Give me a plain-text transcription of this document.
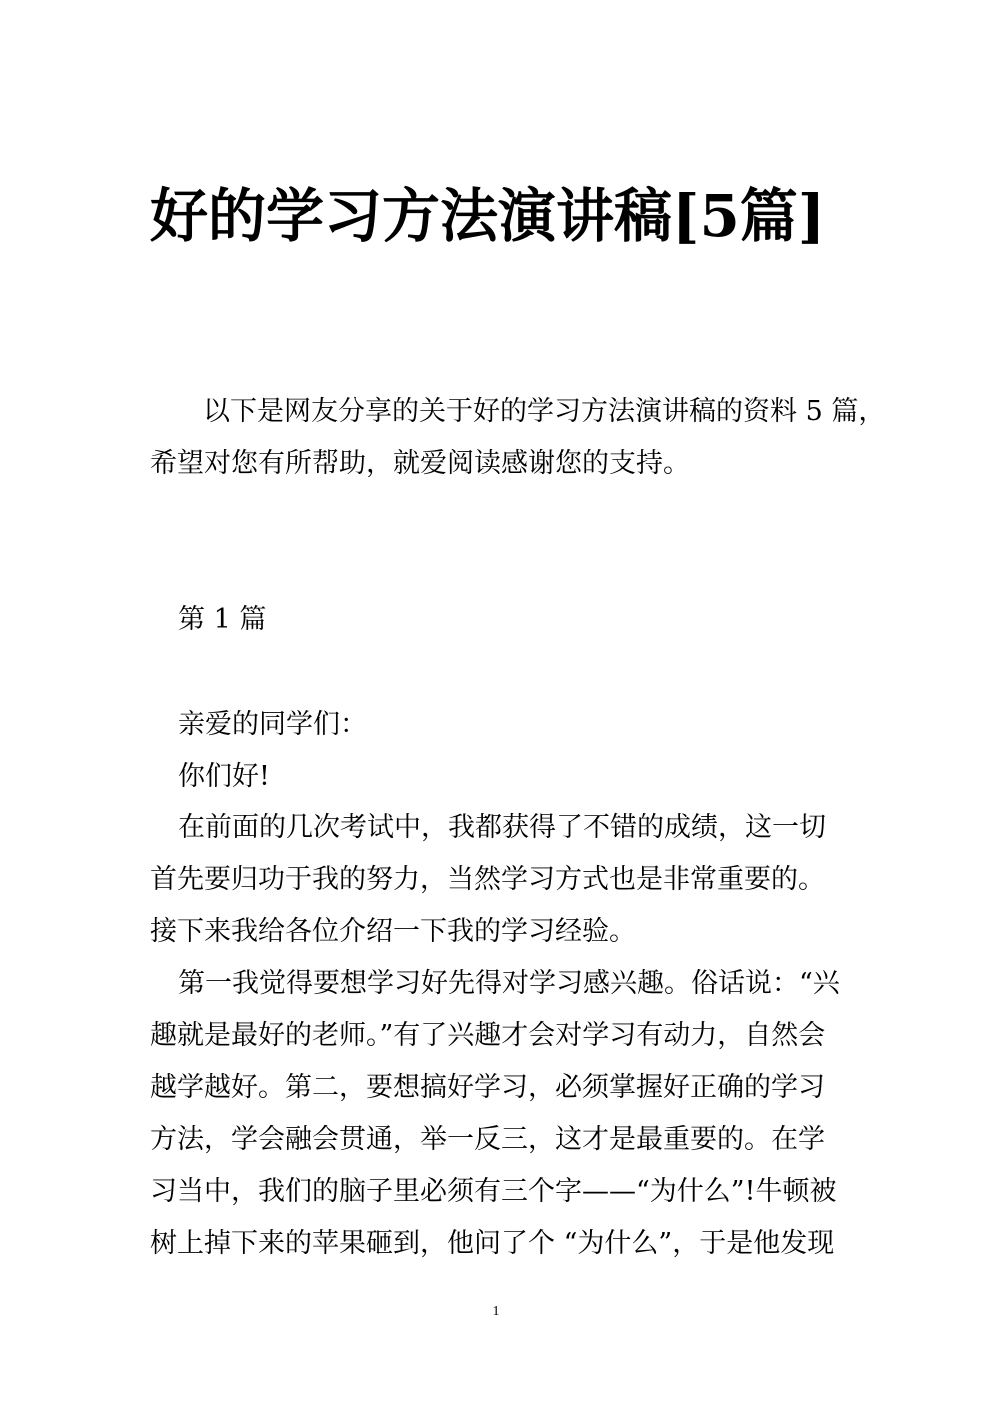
好的学习方法演讲稿[5篇]

以下是网友分享的关于好的学习方法演讲稿的资料 5 篇，

希望对您有所帮助，就爱阅读感谢您的支持。

第 1 篇

亲爱的同学们：

你们好!

在前面的几次考试中，我都获得了不错的成绩，这一切

首先要归功于我的努力，当然学习方式也是非常重要的。

接下来我给各位介绍一下我的学习经验。

第一我觉得要想学习好先得对学习感兴趣。俗话说：“兴

趣就是最好的老师。”有了兴趣才会对学习有动力，自然会

越学越好。第二，要想搞好学习，必须掌握好正确的学习

方法，学会融会贯通，举一反三，这才是最重要的。在学

习当中，我们的脑子里必须有三个字——“为什么”!牛顿被

树上掉下来的苹果砸到，他问了个 “为什么”，于是他发现

1
